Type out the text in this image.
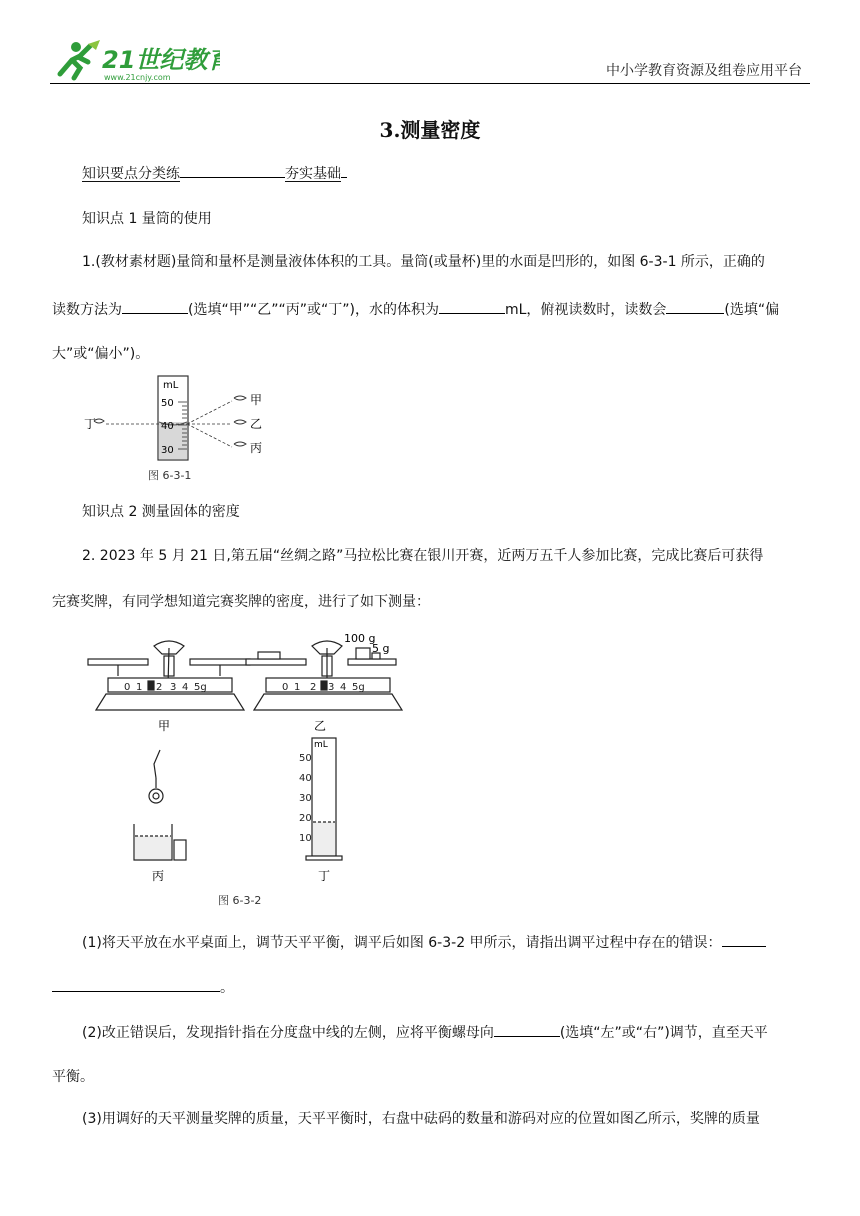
21世纪教育
www.21cnjy.com	中小学教育资源及组卷应用平台
3.测量密度
知识要点分类练	夯实基础
知识点 1 量筒的使用
1.(教材素材题)量筒和量杯是测量液体体积的工具。量筒(或量杯)里的水面是凹形的，如图 6-3-1 所示，正确的
读数方法为	(选填“甲”“乙”“丙”或“丁”)，水的体积为	mL，俯视读数时，读数会	(选填“偏
大”或“偏小”)。
mL
50
40
30
甲
乙
丙
丁
图 6-3-1
知识点 2 测量固体的密度
2. 2023 年 5 月 21 日,第五届“丝绸之路”马拉松比赛在银川开赛，近两万五千人参加比赛，完成比赛后可获得
完赛奖牌，有同学想知道完赛奖牌的密度，进行了如下测量：
0 1 2 3 4 5g
甲
0 1 2 3 4 5g
100 g
5 g
乙
丙
mL
50
40
30
20
10
丁
图 6-3-2
(1)将天平放在水平桌面上，调节天平平衡，调平后如图 6-3-2 甲所示，请指出调平过程中存在的错误：
。
(2)改正错误后，发现指针指在分度盘中线的左侧，应将平衡螺母向	(选填“左”或“右”)调节，直至天平
平衡。
(3)用调好的天平测量奖牌的质量，天平平衡时，右盘中砝码的数量和游码对应的位置如图乙所示，奖牌的质量
